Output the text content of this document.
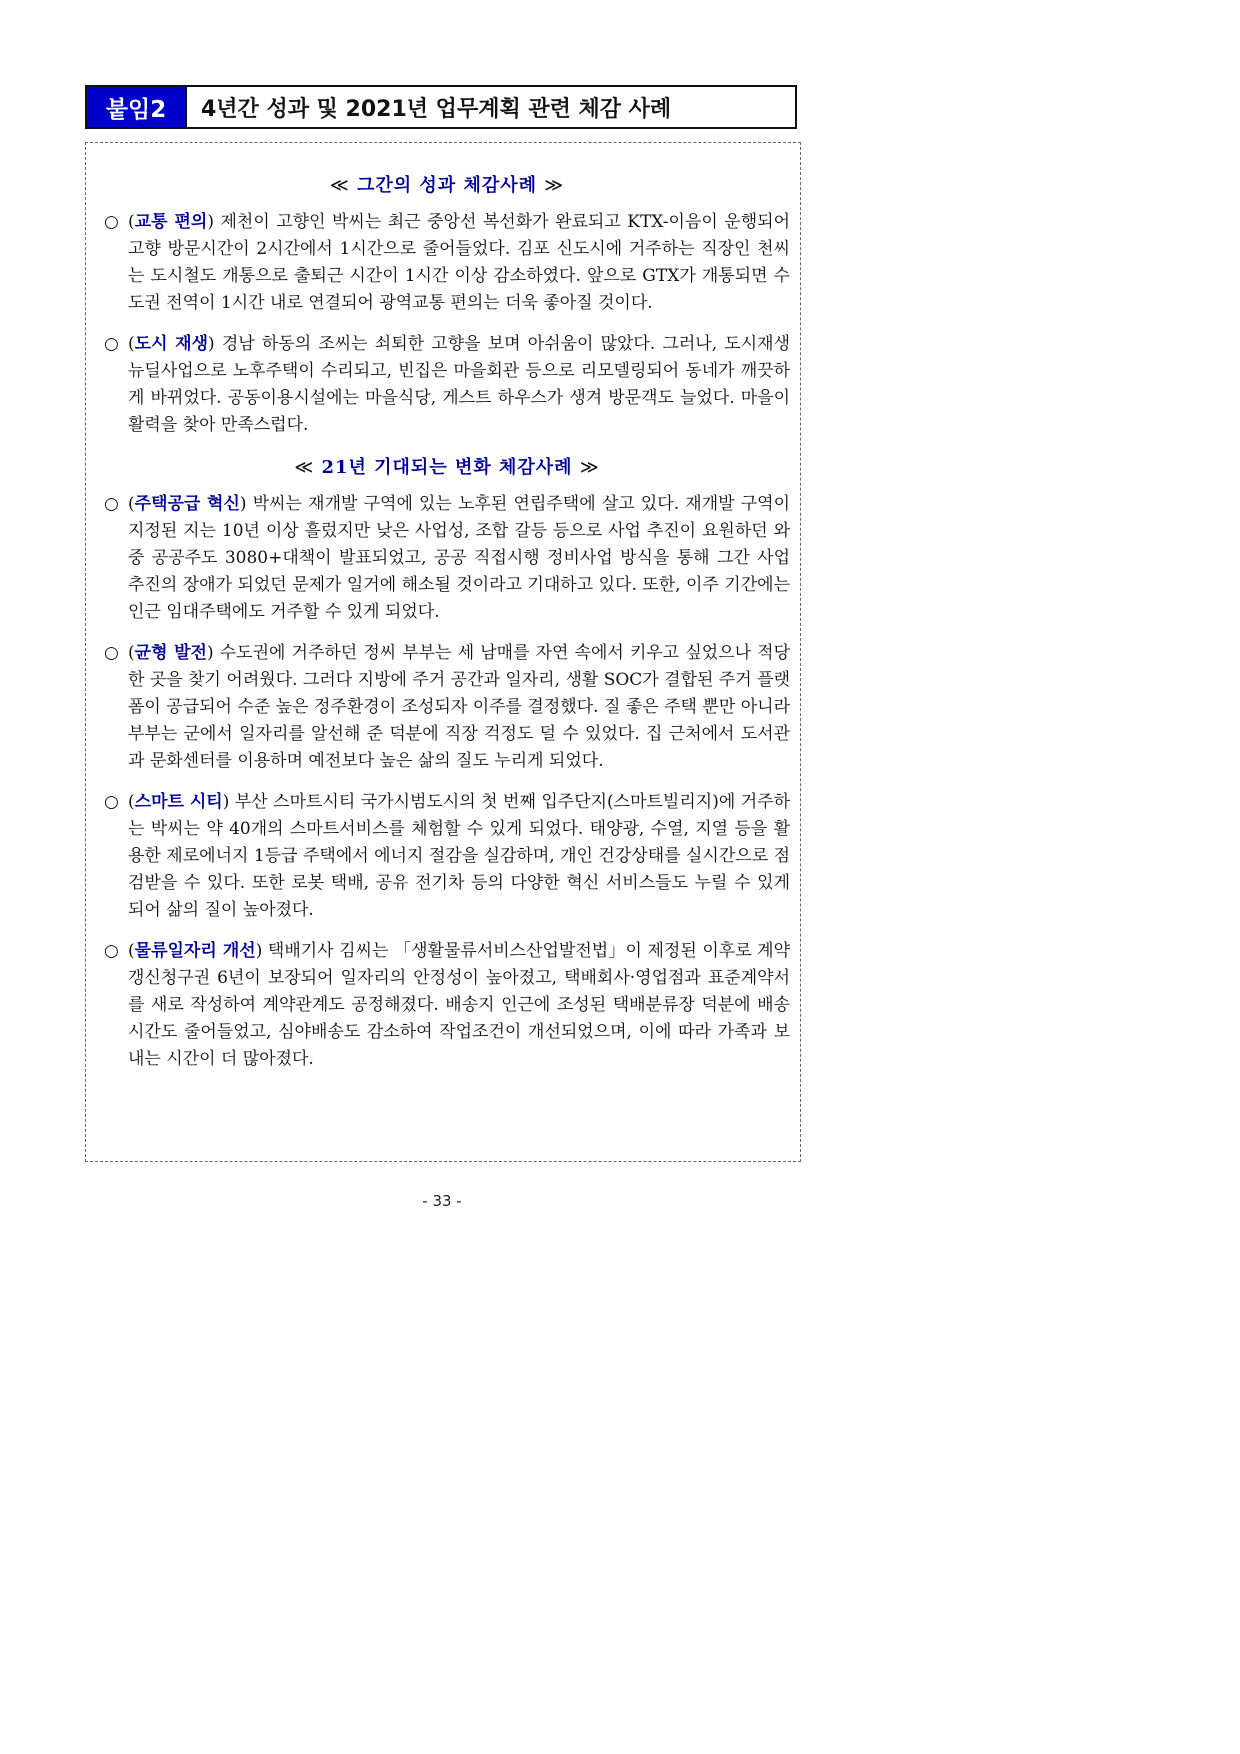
붙임2	4년간 성과 및 2021년 업무계획 관련 체감 사례
≪ 그간의 성과 체감사례 ≫
○ (교통 편의) 제천이 고향인 박씨는 최근 중앙선 복선화가 완료되고 KTX-이음이 운행되어 고향 방문시간이 2시간에서 1시간으로 줄어들었다. 김포 신도시에 거주하는 직장인 천씨는 도시철도 개통으로 출퇴근 시간이 1시간 이상 감소하였다. 앞으로 GTX가 개통되면 수도권 전역이 1시간 내로 연결되어 광역교통 편의는 더욱 좋아질 것이다.
○ (도시 재생) 경남 하동의 조씨는 쇠퇴한 고향을 보며 아쉬움이 많았다. 그러나, 도시재생 뉴딜사업으로 노후주택이 수리되고, 빈집은 마을회관 등으로 리모델링되어 동네가 깨끗하게 바뀌었다. 공동이용시설에는 마을식당, 게스트 하우스가 생겨 방문객도 늘었다. 마을이 활력을 찾아 만족스럽다.
≪ 21년 기대되는 변화 체감사례 ≫
○ (주택공급 혁신) 박씨는 재개발 구역에 있는 노후된 연립주택에 살고 있다. 재개발 구역이 지정된 지는 10년 이상 흘렀지만 낮은 사업성, 조합 갈등 등으로 사업 추진이 요원하던 와중 공공주도 3080+대책이 발표되었고, 공공 직접시행 정비사업 방식을 통해 그간 사업 추진의 장애가 되었던 문제가 일거에 해소될 것이라고 기대하고 있다. 또한, 이주 기간에는 인근 임대주택에도 거주할 수 있게 되었다.
○ (균형 발전) 수도권에 거주하던 정씨 부부는 세 남매를 자연 속에서 키우고 싶었으나 적당한 곳을 찾기 어려웠다. 그러다 지방에 주거 공간과 일자리, 생활 SOC가 결합된 주거 플랫폼이 공급되어 수준 높은 정주환경이 조성되자 이주를 결정했다. 질 좋은 주택 뿐만 아니라 부부는 군에서 일자리를 알선해 준 덕분에 직장 걱정도 덜 수 있었다. 집 근처에서 도서관과 문화센터를 이용하며 예전보다 높은 삶의 질도 누리게 되었다.
○ (스마트 시티) 부산 스마트시티 국가시범도시의 첫 번째 입주단지(스마트빌리지)에 거주하는 박씨는 약 40개의 스마트서비스를 체험할 수 있게 되었다. 태양광, 수열, 지열 등을 활용한 제로에너지 1등급 주택에서 에너지 절감을 실감하며, 개인 건강상태를 실시간으로 점검받을 수 있다. 또한 로봇 택배, 공유 전기차 등의 다양한 혁신 서비스들도 누릴 수 있게 되어 삶의 질이 높아졌다.
○ (물류일자리 개선) 택배기사 김씨는 「생활물류서비스산업발전법」이 제정된 이후로 계약갱신청구권 6년이 보장되어 일자리의 안정성이 높아졌고, 택배회사·영업점과 표준계약서를 새로 작성하여 계약관계도 공정해졌다. 배송지 인근에 조성된 택배분류장 덕분에 배송시간도 줄어들었고, 심야배송도 감소하여 작업조건이 개선되었으며, 이에 따라 가족과 보내는 시간이 더 많아졌다.
- 33 -
